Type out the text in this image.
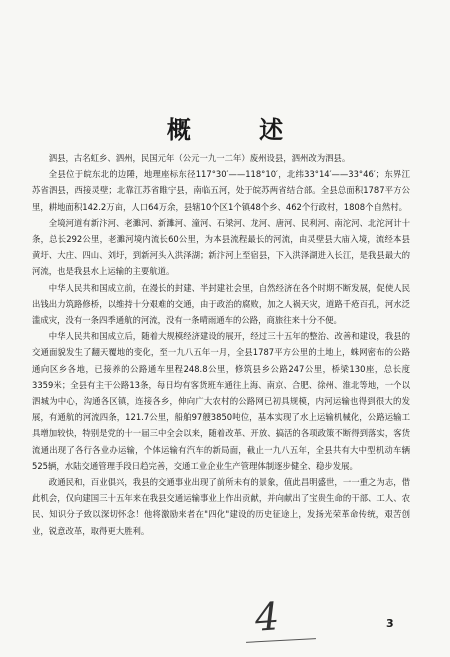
概 述

泗县，古名虹乡、泗州，民国元年（公元一九一二年）废州设县，泗州改为泗县。

全县位于皖东北的边陲，地理座标东径117°30′——118°10′，北纬33°14′——33°46′；东界江苏省泗县，西接灵壁；北靠江苏省睢宁县，南临五河，处于皖苏两省结合部。全县总面积1787平方公里，耕地面积142.2万亩，人口64万余，县辖10个区1个镇48个乡、462个行政村，1808个自然村。

全境河道有新汴河、老濉河、新濉河、潼河、石梁河、龙河、唐河、民利河、南沱河、北沱河计十条，总长292公里，老濉河境内流长60公里，为本县流程最长的河流，由灵壁县大庙入境，流经本县黄圩、大庄、四山、刘圩，到新河头入洪泽湖；新汴河上至宿县，下入洪泽湖进入长江，是我县最大的河流，也是我县水上运输的主要航道。

中华人民共和国成立前，在漫长的封建、半封建社会里，自然经济在各个时期不断发展，促使人民出钱出力筑路修桥，以维持十分艰难的交通，由于政治的腐败，加之人祸天灾，道路千疮百孔，河水泛滥成灾，没有一条四季通航的河流，没有一条晴雨通车的公路，商旅往来十分不便。

中华人民共和国成立后，随着大规模经济建设的展开，经过三十五年的整治、改善和建设，我县的交通面貌发生了翻天覆地的变化，至一九八五年一月，全县1787平方公里的土地上，蛛网密布的公路通向区乡各地，已接养的公路通车里程248.8公里，修筑县乡公路247公里，桥梁130座，总长度3359米；全县有主干公路13条，每日均有客货班车通往上海、南京、合肥、徐州、淮北等地，一个以泗城为中心，沟通各区镇，连接各乡，伸向广大农村的公路网已初具规模，内河运输也得到很大的发展，有通航的河流四条，121.7公里，船舶97艘3850吨位，基本实现了水上运输机械化，公路运输工具增加较快，特别是党的十一届三中全会以来，随着改革、开放、搞活的各项政策不断得到落实，客货流通出现了各行各业办运输，个体运输有汽车的新局面，截止一九八五年，全县共有大中型机动车辆525辆，水陆交通管理手段日趋完善，交通工业企业生产管理体制逐步健全、稳步发展。

政通民和，百业俱兴，我县的交通事业出现了前所未有的景象，值此昌明盛世，一一重之为志，借此机会，仅向建国三十五年来在我县交通运输事业上作出贡献，并向献出了宝贵生命的干部、工人、农民、知识分子致以深切怀念！他将激励来者在"四化"建设的历史征途上，发扬光荣革命传统，艰苦创业，锐意改革，取得更大胜利。

4	3
